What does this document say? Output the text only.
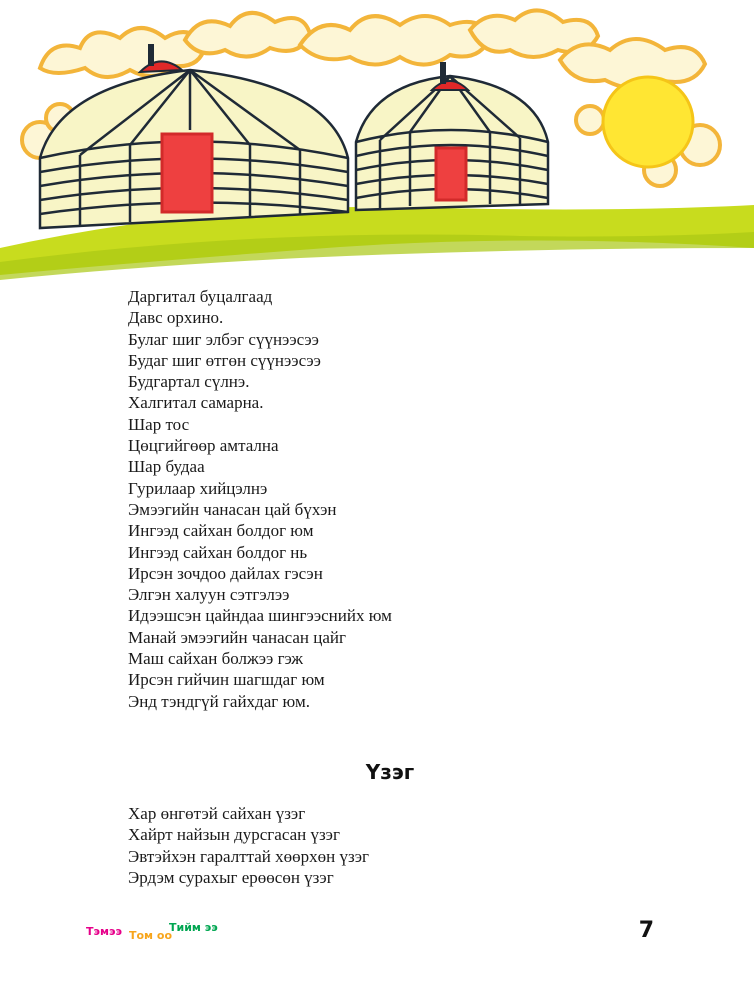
Даргитал буцалгаад
Давс орхино.
Булаг шиг элбэг сүүнээсээ
Будаг шиг өтгөн сүүнээсээ
Будгартал сүлнэ.
Халгитал самарна.
Шар тос
Цөцгийгөөр амтална
Шар будаа
Гурилаар хийцэлнэ
Эмээгийн чанасан цай бүхэн
Ингээд сайхан болдог юм
Ингээд сайхан болдог нь
Ирсэн зочдоо дайлах гэсэн
Элгэн халуун сэтгэлээ
Идээшсэн цайндаа шингээснийх юм
Манай эмээгийн чанасан цайг
Маш сайхан болжээ гэж
Ирсэн гийчин шагшдаг юм
Энд тэндгүй гайхдаг юм.
Үзэг
Хар өнгөтэй сайхан үзэг
Хайрт найзын дурсгасан үзэг
Эвтэйхэн гаралттай хөөрхөн үзэг
Эрдэм сурахыг ерөөсөн үзэг
Тэмээ Том оо
Тийм ээ	7
